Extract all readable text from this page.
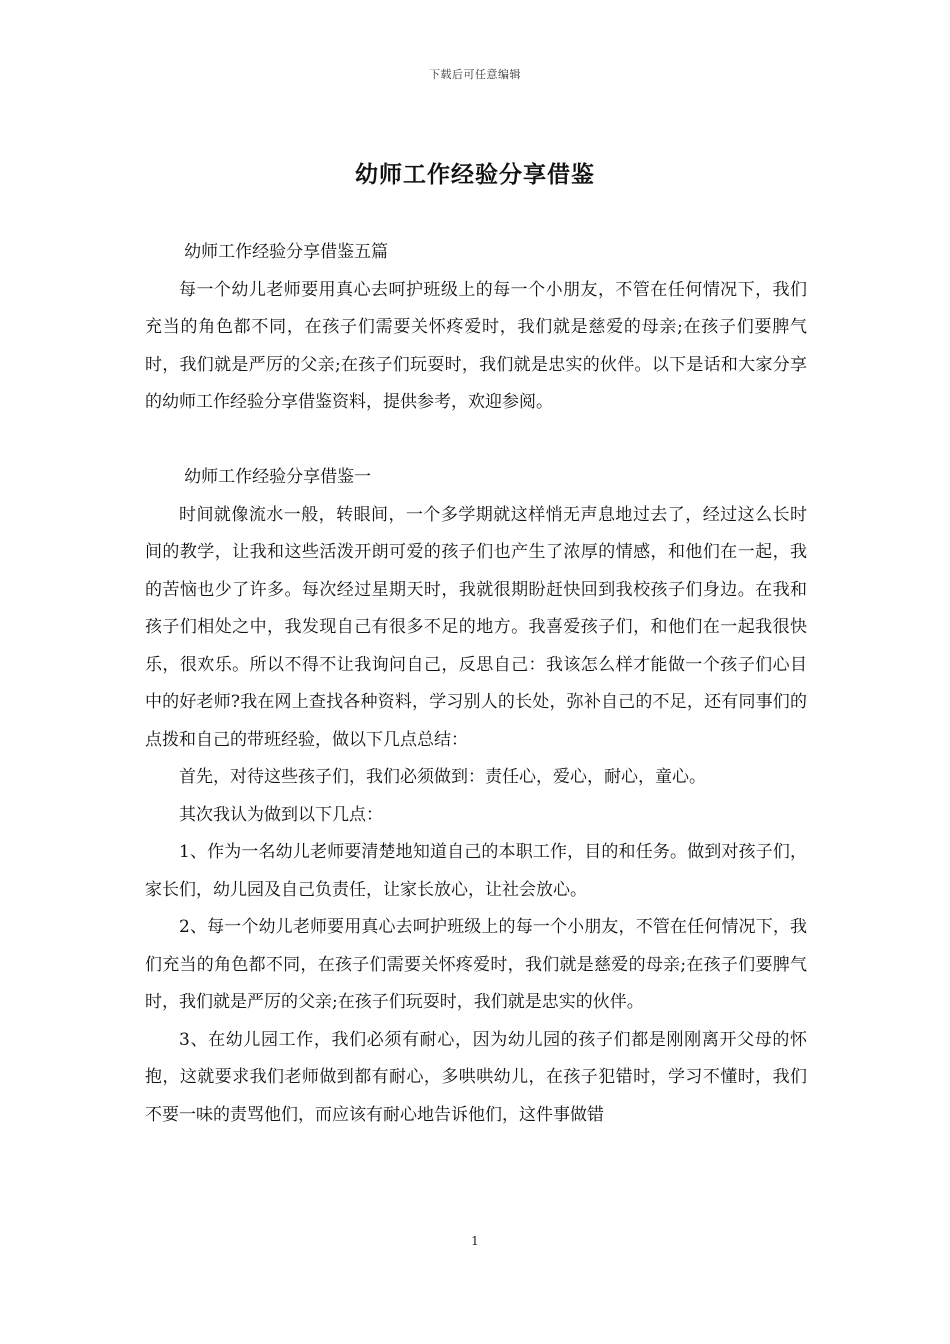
下载后可任意编辑
幼师工作经验分享借鉴

幼师工作经验分享借鉴五篇

每一个幼儿老师要用真心去呵护班级上的每一个小朋友，不管在任何情况下，我们充当的角色都不同，在孩子们需要关怀疼爱时，我们就是慈爱的母亲;在孩子们要脾气时，我们就是严厉的父亲;在孩子们玩耍时，我们就是忠实的伙伴。以下是话和大家分享的幼师工作经验分享借鉴资料，提供参考，欢迎参阅。

幼师工作经验分享借鉴一

时间就像流水一般，转眼间，一个多学期就这样悄无声息地过去了，经过这么长时间的教学，让我和这些活泼开朗可爱的孩子们也产生了浓厚的情感，和他们在一起，我的苦恼也少了许多。每次经过星期天时，我就很期盼赶快回到我校孩子们身边。在我和孩子们相处之中，我发现自己有很多不足的地方。我喜爱孩子们，和他们在一起我很快乐，很欢乐。所以不得不让我询问自己，反思自己：我该怎么样才能做一个孩子们心目中的好老师?我在网上查找各种资料，学习别人的长处，弥补自己的不足，还有同事们的点拨和自己的带班经验，做以下几点总结：

首先，对待这些孩子们，我们必须做到：责任心，爱心，耐心，童心。

其次我认为做到以下几点：

1、作为一名幼儿老师要清楚地知道自己的本职工作，目的和任务。做到对孩子们，家长们，幼儿园及自己负责任，让家长放心，让社会放心。

2、每一个幼儿老师要用真心去呵护班级上的每一个小朋友，不管在任何情况下，我们充当的角色都不同，在孩子们需要关怀疼爱时，我们就是慈爱的母亲;在孩子们要脾气时，我们就是严厉的父亲;在孩子们玩耍时，我们就是忠实的伙伴。

3、在幼儿园工作，我们必须有耐心，因为幼儿园的孩子们都是刚刚离开父母的怀抱，这就要求我们老师做到都有耐心，多哄哄幼儿，在孩子犯错时，学习不懂时，我们不要一味的责骂他们，而应该有耐心地告诉他们，这件事做错

1
